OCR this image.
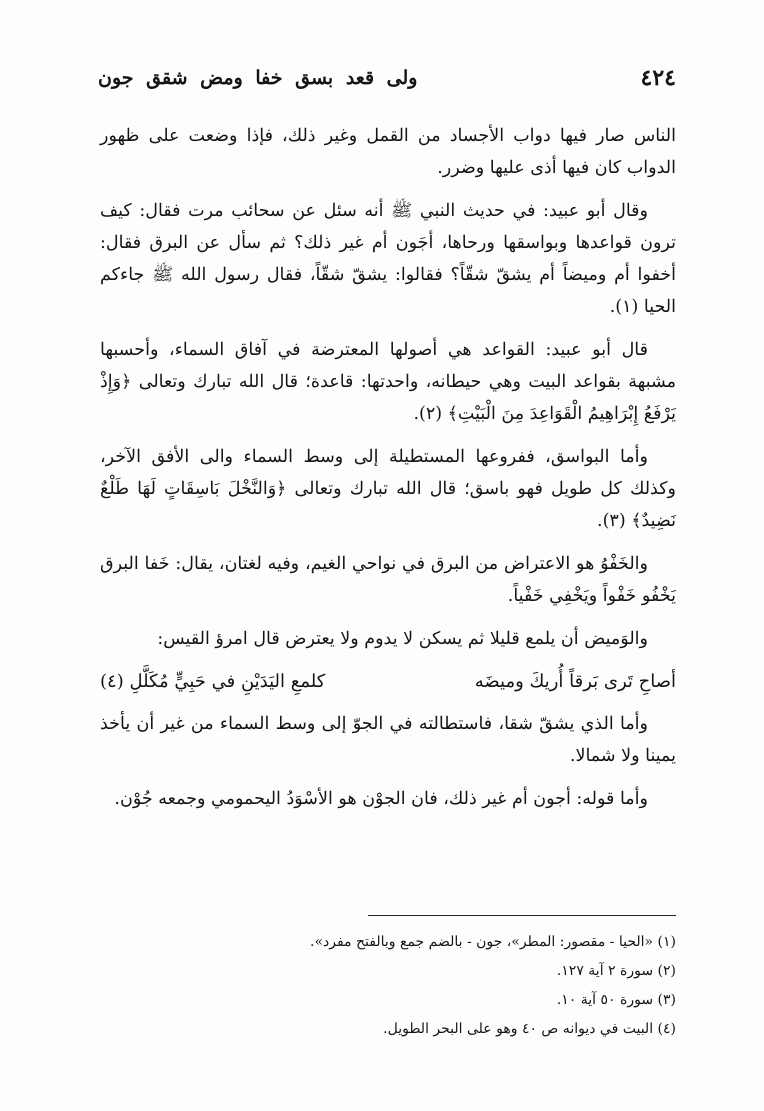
٤٢٤
ولى قعد بسق خفا ومض شقق جون

الناس صار فيها دواب الأجساد من القمل وغير ذلك، فإذا وضعت على ظهور الدواب كان فيها أذى عليها وضرر.

وقال أبو عبيد: في حديث النبي ﷺ أنه سئل عن سحائب مرت فقال: كيف ترون قواعدها وبواسقها ورحاها، أجَون أم غير ذلك؟ ثم سأل عن البرق فقال: أخفوا أم وميضاً أم يشقّ شقّاً؟ فقالوا: يشقّ شقّاً، فقال رسول الله ﷺ جاءكم الحيا (١).

قال أبو عبيد: القواعد هي أصولها المعترضة في آفاق السماء، وأحسبها مشبهة بقواعد البيت وهي حيطانه، واحدتها: قاعدة؛ قال الله تبارك وتعالى ﴿وَإِذْ يَرْفَعُ إِبْرَاهِيمُ الْقَوَاعِدَ مِنَ الْبَيْتِ﴾ (٢).

وأما البواسق، ففروعها المستطيلة إلى وسط السماء والى الأفق الآخر، وكذلك كل طويل فهو باسق؛ قال الله تبارك وتعالى ﴿وَالنَّخْلَ بَاسِقَاتٍ لَهَا طَلْعٌ نَضِيدٌ﴾ (٣).

والخَفْوُ هو الاعتراض من البرق في نواحي الغيم، وفيه لغتان، يقال: خَفا البرق يَخْفُو خَفْواً ويَخْفِي خَفْياً.

والوَميض أن يلمع قليلا ثم يسكن لا يدوم ولا يعترض قال امرؤ القيس:

أصاحِ تَرى بَرقاً أُريكَ وميضَه
كلمعِ اليَدَيْنِ في حَبِيٍّ مُكَلَّلِ (٤)

وأما الذي يشقّ شقا، فاستطالته في الجوّ إلى وسط السماء من غير أن يأخذ يمينا ولا شمالا.

وأما قوله: أجون أم غير ذلك، فان الجوْن هو الأسْوَدُ اليحمومي وجمعه جُوْن.

(١) «الحيا - مقصور: المطر»، جون - بالضم جمع وبالفتح مفرد».

(٢) سورة ٢ آية ١٢٧.

(٣) سورة ٥٠ آية ١٠.

(٤) البيت في ديوانه ص ٤٠ وهو على البحر الطويل.
